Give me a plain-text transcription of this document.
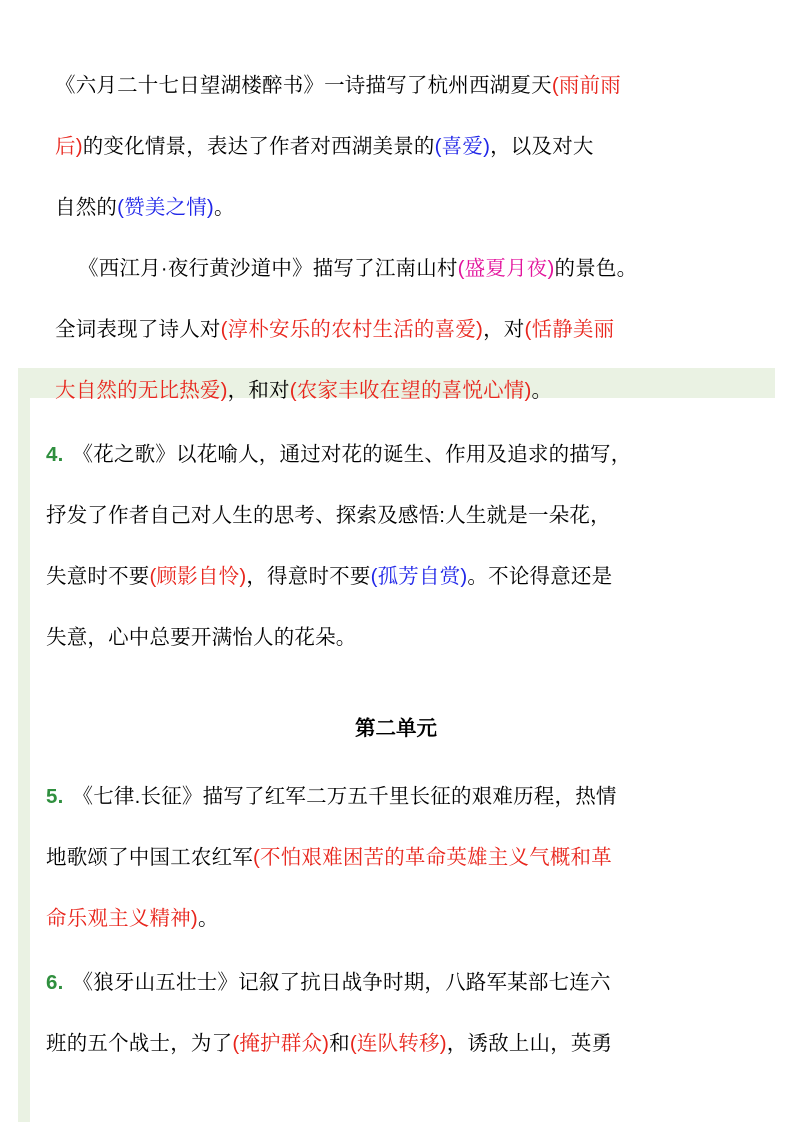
《六月二十七日望湖楼醉书》一诗描写了杭州西湖夏天(雨前雨
后)的变化情景，表达了作者对西湖美景的(喜爱)，以及对大
自然的(赞美之情)。
《西江月·夜行黄沙道中》描写了江南山村(盛夏月夜)的景色。
全词表现了诗人对(淳朴安乐的农村生活的喜爱)，对(恬静美丽
大自然的无比热爱)，和对(农家丰收在望的喜悦心情)。
4. 《花之歌》以花喻人，通过对花的诞生、作用及追求的描写，
抒发了作者自己对人生的思考、探索及感悟:人生就是一朵花，
失意时不要(顾影自怜)，得意时不要(孤芳自赏)。不论得意还是
失意，心中总要开满怡人的花朵。
第二单元
5. 《七律.长征》描写了红军二万五千里长征的艰难历程，热情
地歌颂了中国工农红军(不怕艰难困苦的革命英雄主义气概和革
命乐观主义精神)。
6. 《狼牙山五壮士》记叙了抗日战争时期，八路军某部七连六
班的五个战士，为了(掩护群众)和(连队转移)，诱敌上山，英勇
